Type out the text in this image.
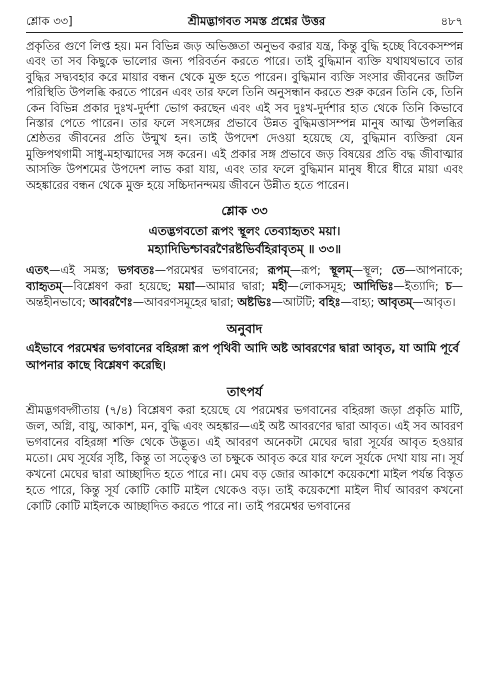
শ্লোক ৩৩]	শ্রীমদ্ভাগবত সমস্ত প্রশ্নের উত্তর	৪৮৭

প্রকৃতির গুণে লিপ্ত হয়। মন বিভিন্ন জড় অভিজ্ঞতা অনুভব করার যন্ত্র, কিন্তু বুদ্ধি হচ্ছে বিবেকসম্পন্ন এবং তা সব কিছুকে ভালোর জন্য পরিবর্তন করতে পারে। তাই বুদ্ধিমান ব্যক্তি যথাযথভাবে তার বুদ্ধির সদ্ব্যবহার করে মায়ার বন্ধন থেকে মুক্ত হতে পারেন। বুদ্ধিমান ব্যক্তি সংসার জীবনের জটিল পরিস্থিতি উপলব্ধি করতে পারেন এবং তার ফলে তিনি অনুসন্ধান করতে শুরু করেন তিনি কে, তিনি কেন বিভিন্ন প্রকার দুঃখ-দুর্দশা ভোগ করছেন এবং এই সব দুঃখ-দুর্দশার হাত থেকে তিনি কিভাবে নিস্তার পেতে পারেন। তার ফলে সৎসঙ্গের প্রভাবে উন্নত বুদ্ধিমত্তাসম্পন্ন মানুষ আত্ম উপলব্ধির শ্রেষ্ঠতর জীবনের প্রতি উন্মুখ হন। তাই উপদেশ দেওয়া হয়েছে যে, বুদ্ধিমান ব্যক্তিরা যেন মুক্তিপথগামী সাধু-মহাত্মাদের সঙ্গ করেন। এই প্রকার সঙ্গ প্রভাবে জড় বিষয়ের প্রতি বদ্ধ জীবাত্মার আসক্তি উপশমের উপদেশ লাভ করা যায়, এবং তার ফলে বুদ্ধিমান মানুষ ধীরে ধীরে মায়া এবং অহঙ্কারের বন্ধন থেকে মুক্ত হয়ে সচ্চিদানন্দময় জীবনে উন্নীত হতে পারেন।

শ্লোক ৩৩
এতদ্ভগবতো রূপং স্থূলং তেব্যাহৃতং ময়া।
মহ্যাদিভিশ্চাবরণৈরষ্টভির্বহিরাবৃতম্ ॥ ৩৩॥

এতৎ—এই সমস্ত; ভগবতঃ—পরমেশ্বর ভগবানের; রূপম্—রূপ; স্থূলম্—স্থূল; তে—আপনাকে; ব্যাহৃতম্—বিশ্লেষণ করা হয়েছে; ময়া—আমার দ্বারা; মহী—লোকসমূহ; আদিভিঃ—ইত্যাদি; চ—অন্তহীনভাবে; আবরণৈঃ—আবরণসমূহের দ্বারা; অষ্টভিঃ—আটটি; বহিঃ—বাহ্য; আবৃতম্—আবৃত।

অনুবাদ

এইভাবে পরমেশ্বর ভগবানের বহিরঙ্গা রূপ পৃথিবী আদি অষ্ট আবরণের দ্বারা আবৃত, যা আমি পূর্বে আপনার কাছে বিশ্লেষণ করেছি।

তাৎপর্য

শ্রীমদ্ভগবদ্গীতায় (৭/৪) বিশ্লেষণ করা হয়েছে যে পরমেশ্বর ভগবানের বহিরঙ্গা জড়া প্রকৃতি মাটি, জল, অগ্নি, বায়ু, আকাশ, মন, বুদ্ধি এবং অহঙ্কার—এই অষ্ট আবরণের দ্বারা আবৃত। এই সব আবরণ ভগবানের বহিরঙ্গা শক্তি থেকে উদ্ভূত। এই আবরণ অনেকটা মেঘের দ্বারা সূর্যের আবৃত হওয়ার মতো। মেঘ সূর্যের সৃষ্টি, কিন্তু তা সত্ত্বেও তা চক্ষুকে আবৃত করে যার ফলে সূর্যকে দেখা যায় না। সূর্য কখনো মেঘের দ্বারা আচ্ছাদিত হতে পারে না। মেঘ বড় জোর আকাশে কয়েকশো মাইল পর্যন্ত বিস্তৃত হতে পারে, কিন্তু সূর্য কোটি কোটি মাইল থেকেও বড়। তাই কয়েকশো মাইল দীর্ঘ আবরণ কখনো কোটি কোটি মাইলকে আচ্ছাদিত করতে পারে না। তাই পরমেশ্বর ভগবানের
